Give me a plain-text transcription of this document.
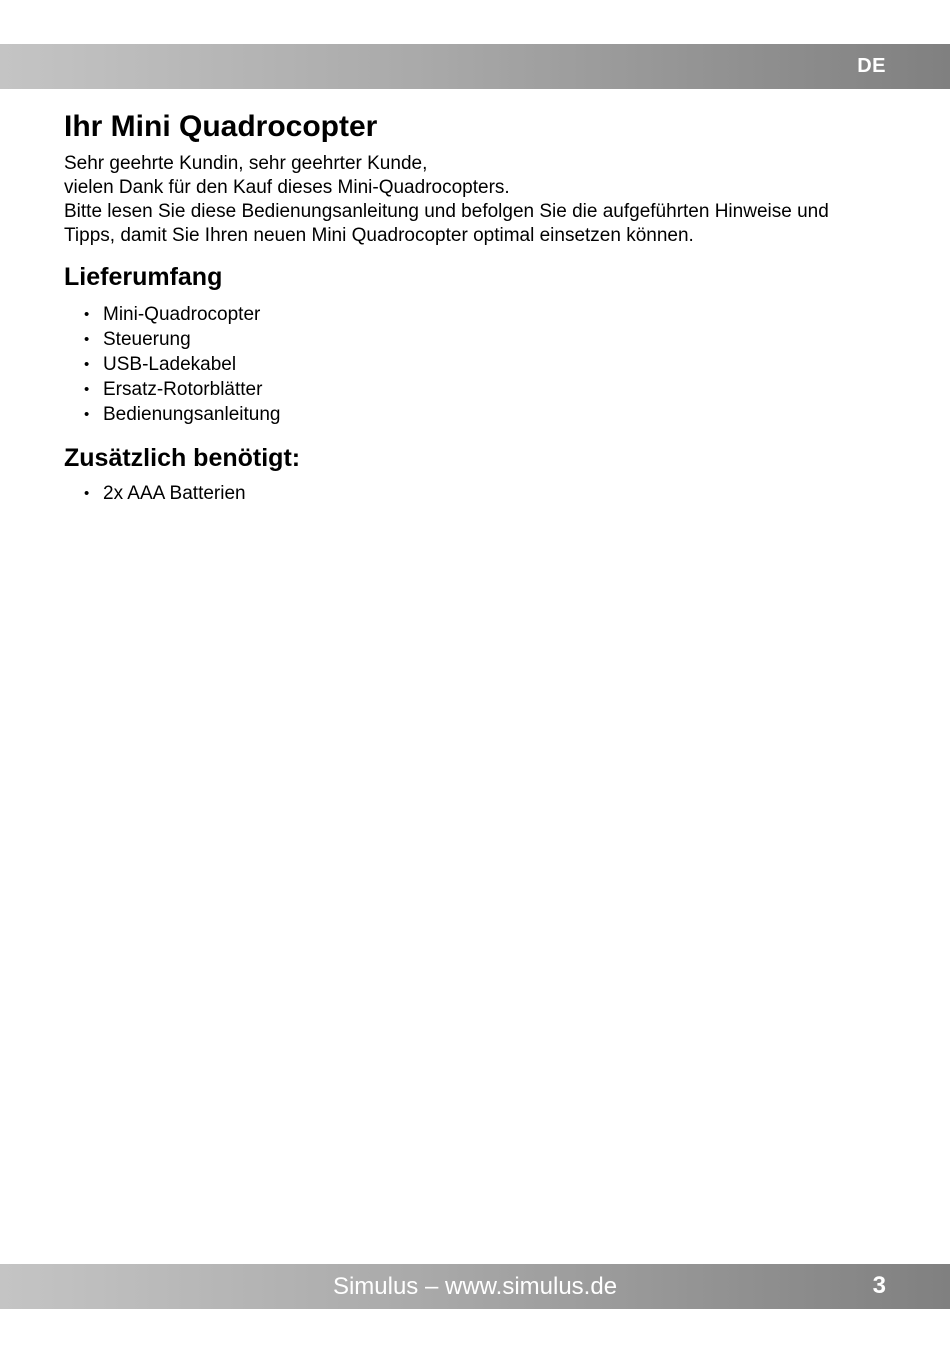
DE
Ihr Mini Quadrocopter

Sehr geehrte Kundin, sehr geehrter Kunde,

vielen Dank für den Kauf dieses Mini-Quadrocopters.

Bitte lesen Sie diese Bedienungsanleitung und befolgen Sie die aufgeführten Hinweise und

Tipps, damit Sie Ihren neuen Mini Quadrocopter optimal einsetzen können.

Lieferumfang
• Mini-Quadrocopter
• Steuerung
• USB-Ladekabel
• Ersatz-Rotorblätter
• Bedienungsanleitung
Zusätzlich benötigt:
• 2x AAA Batterien
Simulus – www.simulus.de	3
